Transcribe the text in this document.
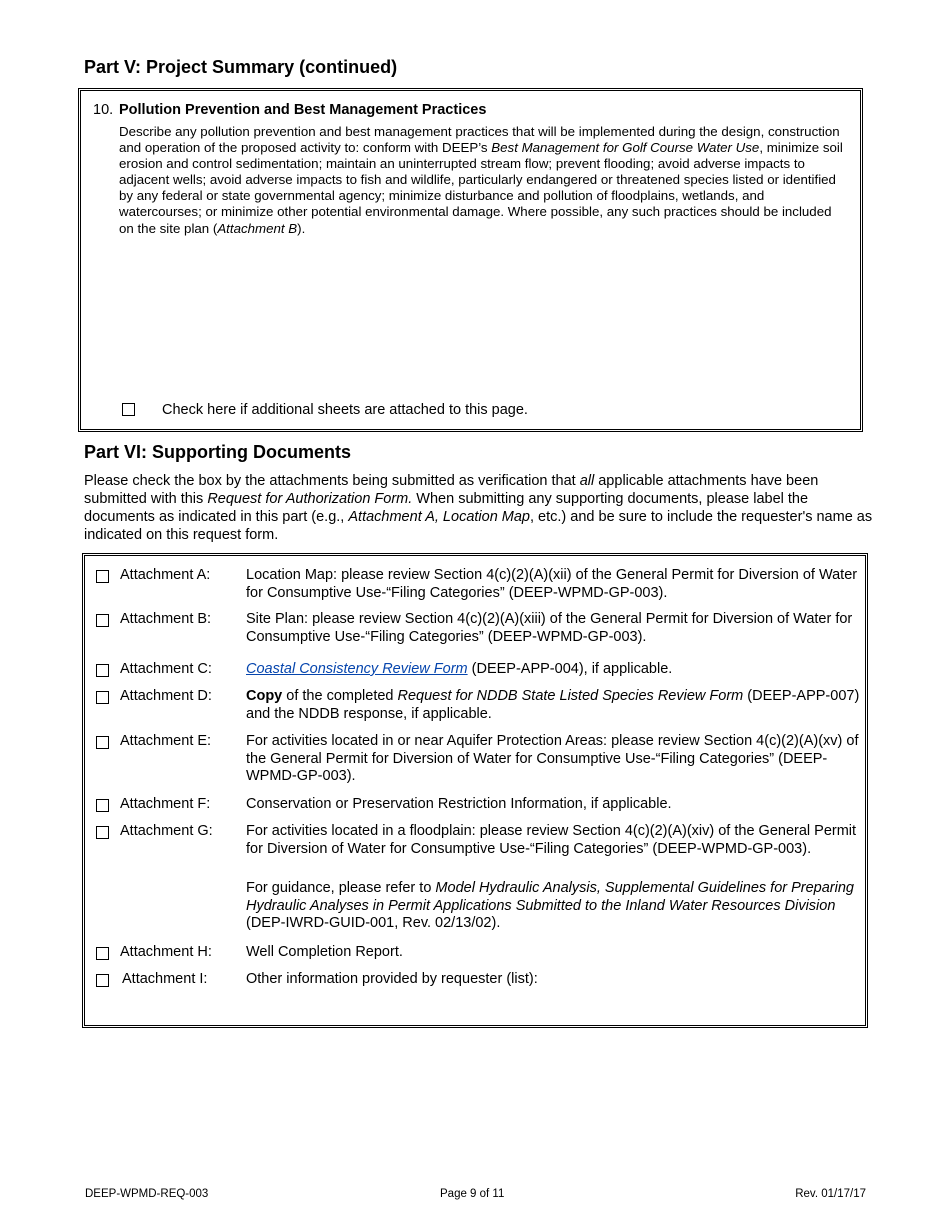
Part V: Project Summary (continued)
10. Pollution Prevention and Best Management Practices

Describe any pollution prevention and best management practices that will be implemented during the design, construction and operation of the proposed activity to: conform with DEEP’s Best Management for Golf Course Water Use, minimize soil erosion and control sedimentation; maintain an uninterrupted stream flow; prevent flooding; avoid adverse impacts to adjacent wells; avoid adverse impacts to fish and wildlife, particularly endangered or threatened species listed or identified by any federal or state governmental agency; minimize disturbance and pollution of floodplains, wetlands, and watercourses; or minimize other potential environmental damage. Where possible, any such practices should be included on the site plan (Attachment B).

Check here if additional sheets are attached to this page.
Part VI: Supporting Documents

Please check the box by the attachments being submitted as verification that all applicable attachments have been submitted with this Request for Authorization Form. When submitting any supporting documents, please label the documents as indicated in this part (e.g., Attachment A, Location Map, etc.) and be sure to include the requester's name as indicated on this request form.

Attachment A: Location Map: please review Section 4(c)(2)(A)(xii) of the General Permit for Diversion of Water for Consumptive Use-“Filing Categories” (DEEP-WPMD-GP-003).

Attachment B: Site Plan: please review Section 4(c)(2)(A)(xiii) of the General Permit for Diversion of Water for Consumptive Use-“Filing Categories” (DEEP-WPMD-GP-003).

Attachment C: Coastal Consistency Review Form (DEEP-APP-004), if applicable.

Attachment D: Copy of the completed Request for NDDB State Listed Species Review Form (DEEP-APP-007) and the NDDB response, if applicable.

Attachment E: For activities located in or near Aquifer Protection Areas: please review Section 4(c)(2)(A)(xv) of the General Permit for Diversion of Water for Consumptive Use-“Filing Categories” (DEEP-WPMD-GP-003).

Attachment F: Conservation or Preservation Restriction Information, if applicable.

Attachment G: For activities located in a floodplain: please review Section 4(c)(2)(A)(xiv) of the General Permit for Diversion of Water for Consumptive Use-“Filing Categories” (DEEP-WPMD-GP-003).

For guidance, please refer to Model Hydraulic Analysis, Supplemental Guidelines for Preparing Hydraulic Analyses in Permit Applications Submitted to the Inland Water Resources Division (DEP-IWRD-GUID-001, Rev. 02/13/02).

Attachment H: Well Completion Report.

Attachment I:	Other information provided by requester (list):

DEEP-WPMD-REQ-003	Page 9 of 11	Rev. 01/17/17
